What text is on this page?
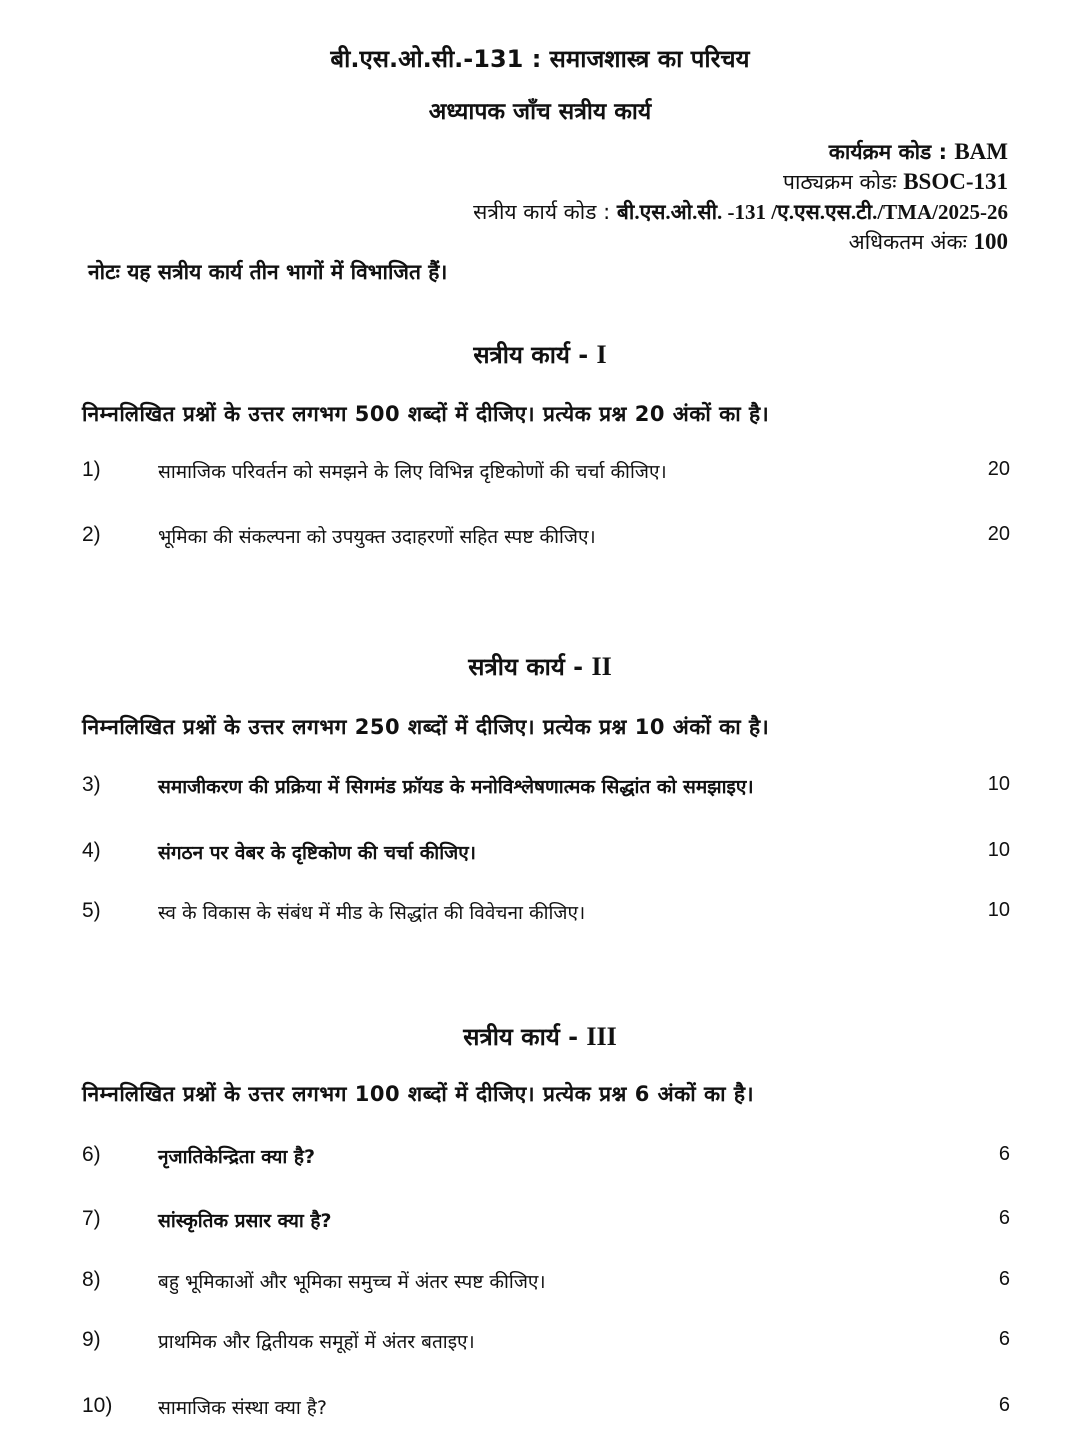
बी.एस.ओ.सी.-131 : समाजशास्त्र का परिचय
अध्यापक जाँच सत्रीय कार्य
कार्यक्रम कोड : BAM
पाठ्यक्रम कोडः BSOC-131
सत्रीय कार्य कोड : बी.एस.ओ.सी. -131 /ए.एस.एस.टी./TMA/2025-26
अधिकतम अंकः 100
नोटः यह सत्रीय कार्य तीन भागों में विभाजित हैं।
सत्रीय कार्य - I
निम्नलिखित प्रश्नों के उत्तर लगभग 500 शब्दों में दीजिए। प्रत्येक प्रश्न 20 अंकों का है।
1)	सामाजिक परिवर्तन को समझने के लिए विभिन्न दृष्टिकोणों की चर्चा कीजिए।	20
2)	भूमिका की संकल्पना को उपयुक्त उदाहरणों सहित स्पष्ट कीजिए।	20
सत्रीय कार्य - II
निम्नलिखित प्रश्नों के उत्तर लगभग 250 शब्दों में दीजिए। प्रत्येक प्रश्न 10 अंकों का है।
3)	समाजीकरण की प्रक्रिया में सिगमंड फ्रॉयड के मनोविश्लेषणात्मक सिद्धांत को समझाइए।	10
4)	संगठन पर वेबर के दृष्टिकोण की चर्चा कीजिए।	10
5)	स्व के विकास के संबंध में मीड के सिद्धांत की विवेचना कीजिए।	10
सत्रीय कार्य - III
निम्नलिखित प्रश्नों के उत्तर लगभग 100 शब्दों में दीजिए। प्रत्येक प्रश्न 6 अंकों का है।
6)	नृजातिकेन्द्रिता क्या है?	6
7)	सांस्कृतिक प्रसार क्या है?	6
8)	बहु भूमिकाओं और भूमिका समुच्च में अंतर स्पष्ट कीजिए।	6
9)	प्राथमिक और द्वितीयक समूहों में अंतर बताइए।	6
10) सामाजिक संस्था क्या है?	6
